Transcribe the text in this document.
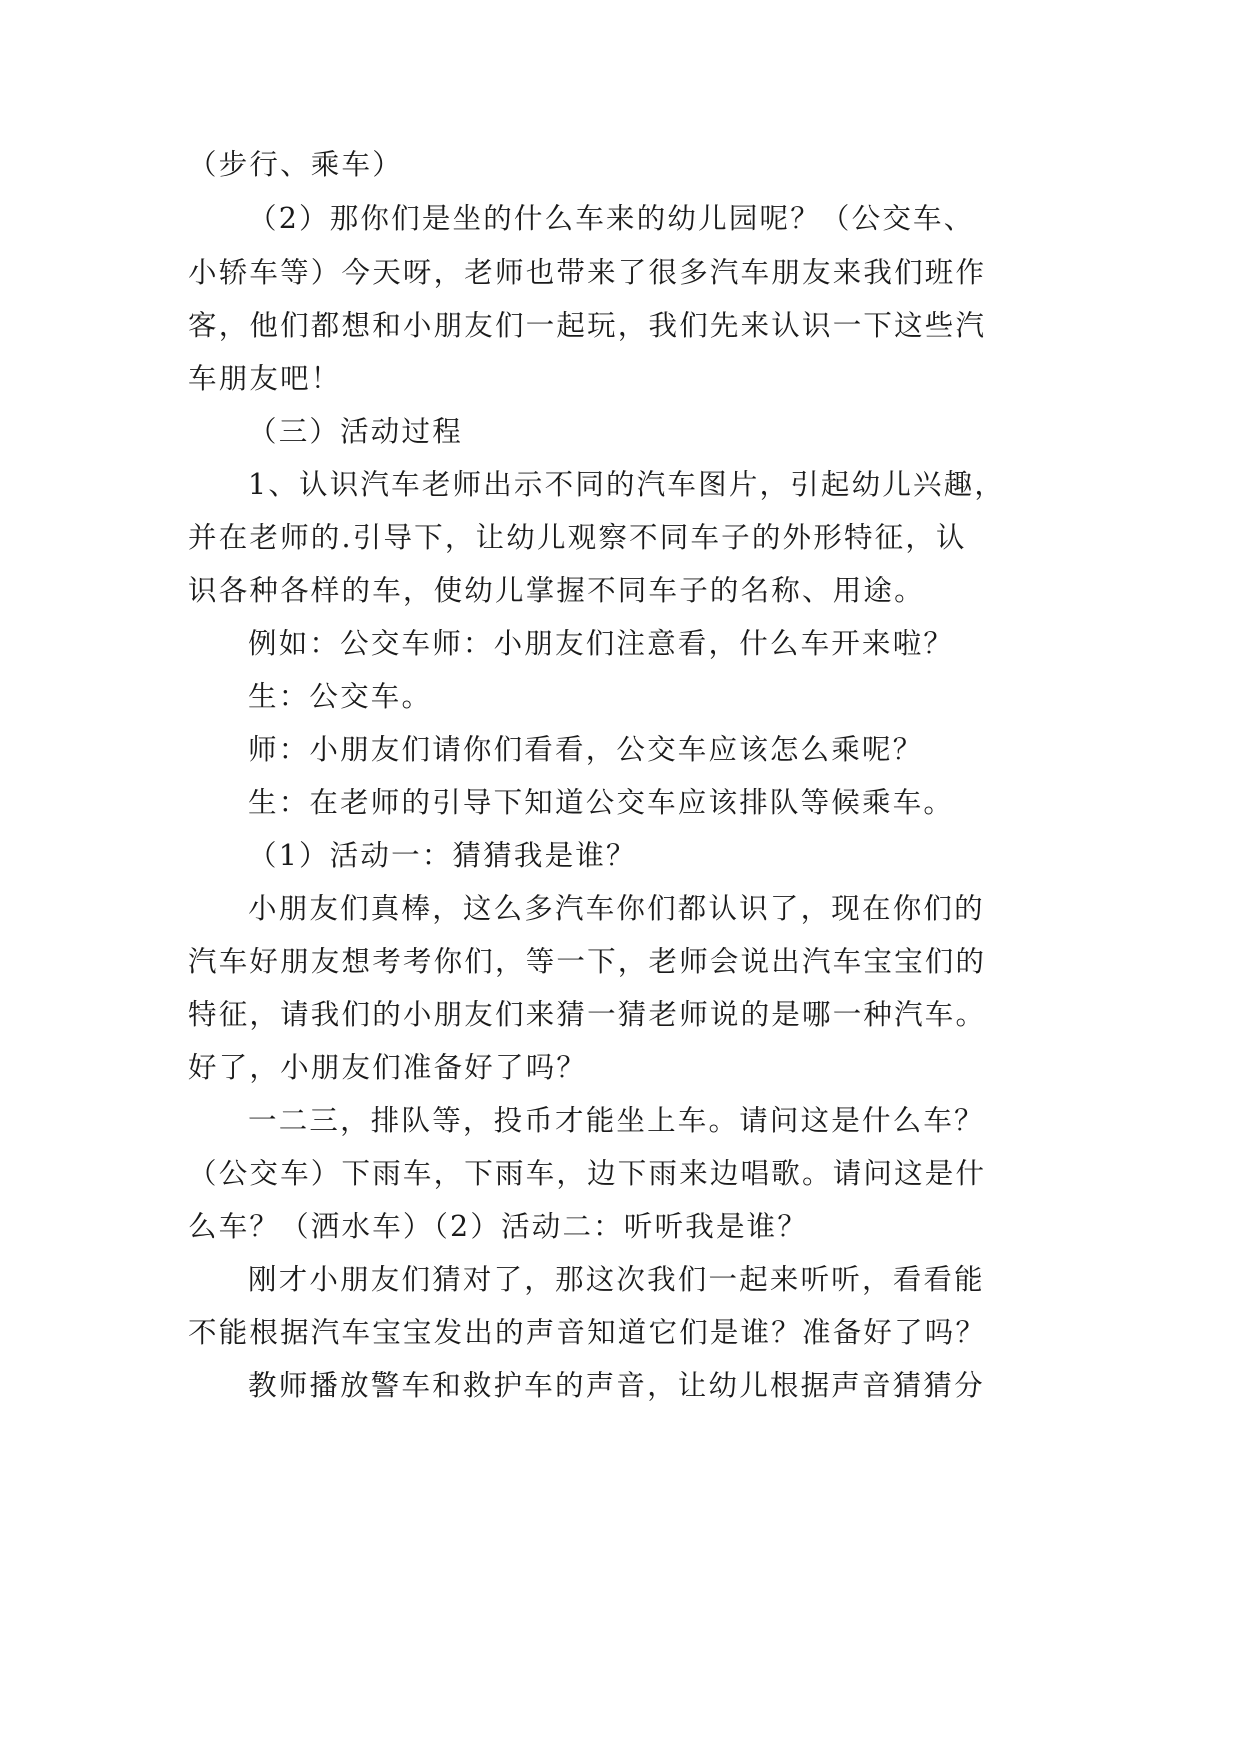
（步行、乘车）
（2）那你们是坐的什么车来的幼儿园呢？（公交车、
小轿车等）今天呀，老师也带来了很多汽车朋友来我们班作
客，他们都想和小朋友们一起玩，我们先来认识一下这些汽
车朋友吧！
（三）活动过程
1、认识汽车老师出示不同的汽车图片，引起幼儿兴趣，
并在老师的.引导下，让幼儿观察不同车子的外形特征，认
识各种各样的车，使幼儿掌握不同车子的名称、用途。
例如：公交车师：小朋友们注意看，什么车开来啦？
生：公交车。
师：小朋友们请你们看看，公交车应该怎么乘呢？
生：在老师的引导下知道公交车应该排队等候乘车。
（1）活动一：猜猜我是谁？
小朋友们真棒，这么多汽车你们都认识了，现在你们的
汽车好朋友想考考你们，等一下，老师会说出汽车宝宝们的
特征，请我们的小朋友们来猜一猜老师说的是哪一种汽车。
好了，小朋友们准备好了吗？
一二三，排队等，投币才能坐上车。请问这是什么车？
（公交车）下雨车，下雨车，边下雨来边唱歌。请问这是什
么车？（洒水车）（2）活动二：听听我是谁？
刚才小朋友们猜对了，那这次我们一起来听听，看看能
不能根据汽车宝宝发出的声音知道它们是谁？准备好了吗？
教师播放警车和救护车的声音，让幼儿根据声音猜猜分
